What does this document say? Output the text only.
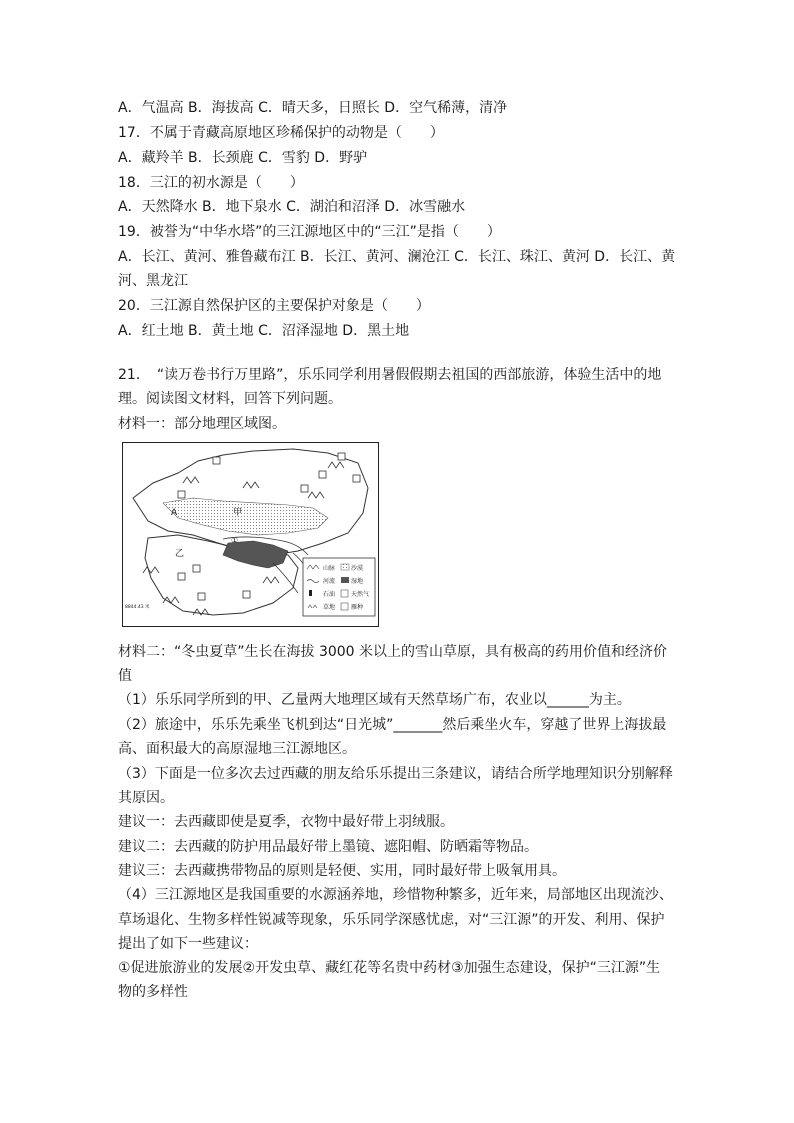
A．气温高 B．海拔高 C．晴天多，日照长 D．空气稀薄，清净
17．不属于青藏高原地区珍稀保护的动物是（　　）
A．藏羚羊 B．长颈鹿 C．雪豹 D．野驴
18．三江的初水源是（　　）
A．天然降水 B．地下泉水 C．湖泊和沼泽 D．冰雪融水
19．被誉为“中华水塔”的三江源地区中的“三江”是指（　　）
A．长江、黄河、雅鲁藏布江 B．长江、黄河、澜沧江 C．长江、珠江、黄河 D．长江、黄
河、黑龙江
20．三江源自然保护区的主要保护对象是（　　）
A．红土地 B．黄土地 C．沼泽湿地 D．黑土地
21．　“读万卷书行万里路”，乐乐同学利用暑假假期去祖国的西部旅游，体验生活中的地
理。阅读图文材料，回答下列问题。
材料一：部分地理区域图。
A	甲
乙
①
8844.43 米
山脉	沙漠
河流	湿地
石油	天然气
草地	雁种
材料二：“冬虫夏草”生长在海拔 3000 米以上的雪山草原，具有极高的药用价值和经济价
值
（1）乐乐同学所到的甲、乙量两大地理区域有天然草场广布，农业以______为主。
（2）旅途中，乐乐先乘坐飞机到达“日光城”_______然后乘坐火车，穿越了世界上海拔最
高、面积最大的高原湿地三江源地区。
（3）下面是一位多次去过西藏的朋友给乐乐提出三条建议，请结合所学地理知识分别解释
其原因。
建议一：去西藏即使是夏季，衣物中最好带上羽绒服。
建议二：去西藏的防护用品最好带上墨镜、遮阳帽、防晒霜等物品。
建议三：去西藏携带物品的原则是轻便、实用，同时最好带上吸氧用具。
（4）三江源地区是我国重要的水源涵养地，珍惜物种繁多，近年来，局部地区出现流沙、
草场退化、生物多样性锐减等现象，乐乐同学深感忧虑，对“三江源”的开发、利用、保护
提出了如下一些建议：
①促进旅游业的发展②开发虫草、藏红花等名贵中药材③加强生态建设，保护“三江源”生
物的多样性
